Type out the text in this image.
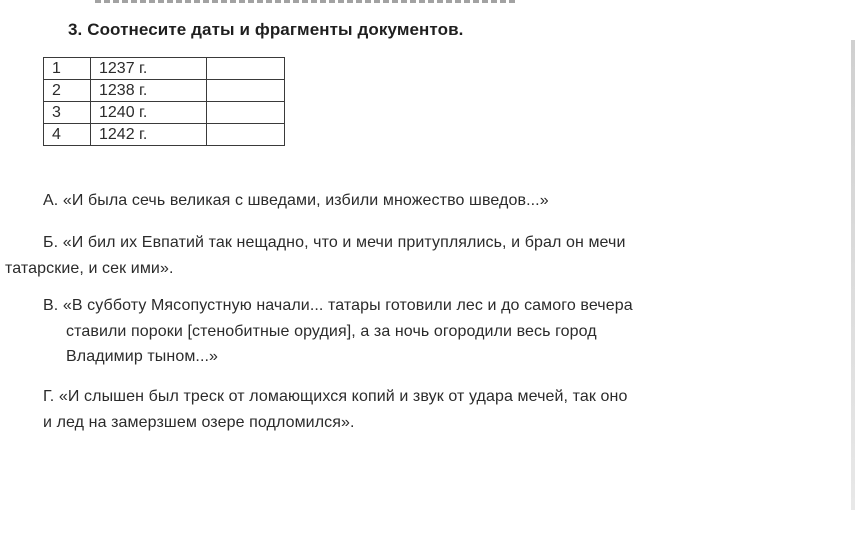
3. Соотнесите даты и фрагменты документов.
1	1237 г.	
2	1238 г.	
3	1240 г.	
4	1242 г.	
А. «И была сечь великая с шведами, избили множество шведов...»
Б. «И бил их Евпатий так нещадно, что и мечи притуплялись, и брал он мечи
татарские, и сек ими».
В. «В субботу Мясопустную начали... татары готовили лес и до самого вечера
ставили пороки [стенобитные орудия], а за ночь огородили весь город
Владимир тыном...»
Г. «И слышен был треск от ломающихся копий и звук от удара мечей, так оно
и лед на замерзшем озере подломился».
